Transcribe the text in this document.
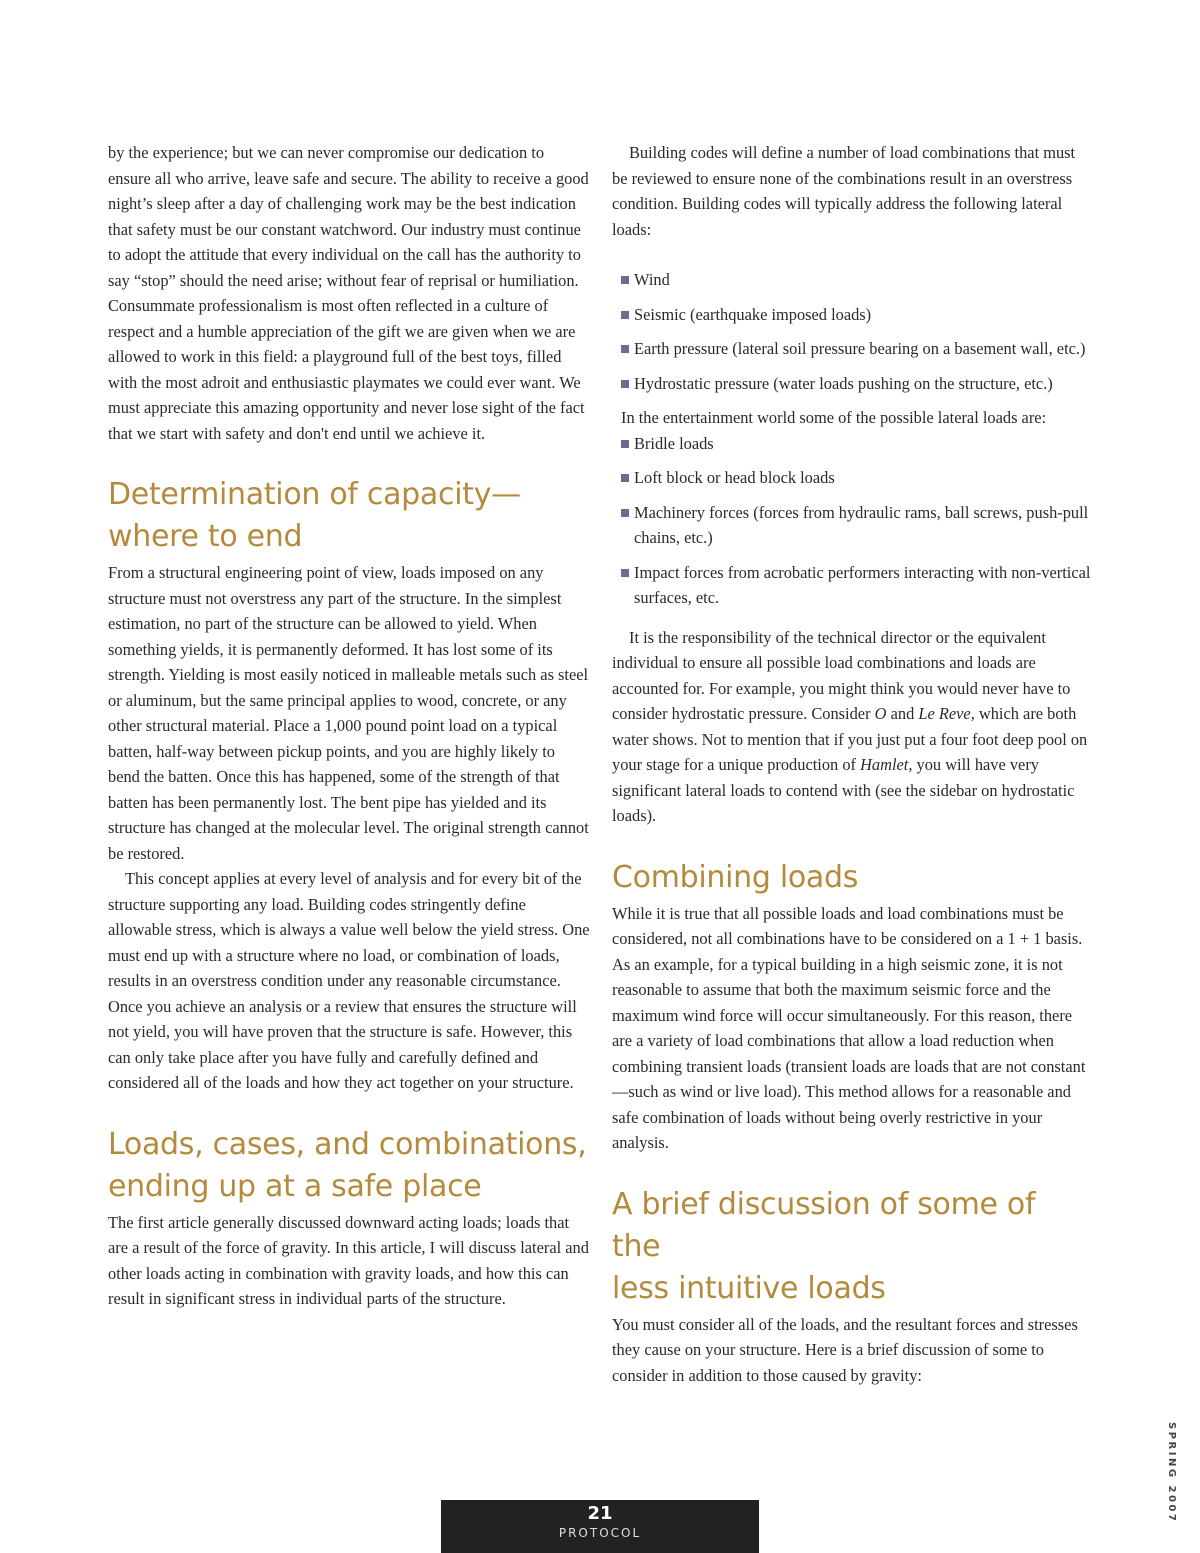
by the experience; but we can never compromise our dedication to ensure all who arrive, leave safe and secure. The ability to receive a good night’s sleep after a day of challenging work may be the best indication that safety must be our constant watchword. Our industry must continue to adopt the attitude that every individual on the call has the authority to say “stop” should the need arise; without fear of reprisal or humiliation. Consummate professionalism is most often reflected in a culture of respect and a humble appreciation of the gift we are given when we are allowed to work in this field: a playground full of the best toys, filled with the most adroit and enthusiastic playmates we could ever want. We must appreciate this amazing opportunity and never lose sight of the fact that we start with safety and don't end until we achieve it.

Determination of capacity—
where to end

From a structural engineering point of view, loads imposed on any structure must not overstress any part of the structure. In the simplest estimation, no part of the structure can be allowed to yield. When something yields, it is permanently deformed. It has lost some of its strength. Yielding is most easily noticed in malleable metals such as steel or aluminum, but the same principal applies to wood, concrete, or any other structural material. Place a 1,000 pound point load on a typical batten, half-way between pickup points, and you are highly likely to bend the batten. Once this has happened, some of the strength of that batten has been permanently lost. The bent pipe has yielded and its structure has changed at the molecular level. The original strength cannot be restored.

This concept applies at every level of analysis and for every bit of the structure supporting any load. Building codes stringently define allowable stress, which is always a value well below the yield stress. One must end up with a structure where no load, or combination of loads, results in an overstress condition under any reasonable circumstance. Once you achieve an analysis or a review that ensures the structure will not yield, you will have proven that the structure is safe. However, this can only take place after you have fully and carefully defined and considered all of the loads and how they act together on your structure.

Loads, cases, and combinations,
ending up at a safe place

The first article generally discussed downward acting loads; loads that are a result of the force of gravity. In this article, I will discuss lateral and other loads acting in combination with gravity loads, and how this can result in significant stress in individual parts of the structure.

Building codes will define a number of load combinations that must be reviewed to ensure none of the combinations result in an overstress condition. Building codes will typically address the following lateral loads:

Wind
Seismic (earthquake imposed loads)
Earth pressure (lateral soil pressure bearing on a basement wall, etc.)
Hydrostatic pressure (water loads pushing on the structure, etc.)

In the entertainment world some of the possible lateral loads are:

Bridle loads
Loft block or head block loads
Machinery forces (forces from hydraulic rams, ball screws, push-pull chains, etc.)
Impact forces from acrobatic performers interacting with non-vertical surfaces, etc.

It is the responsibility of the technical director or the equivalent individual to ensure all possible load combinations and loads are accounted for. For example, you might think you would never have to consider hydrostatic pressure. Consider O and Le Reve, which are both water shows. Not to mention that if you just put a four foot deep pool on your stage for a unique production of Hamlet, you will have very significant lateral loads to contend with (see the sidebar on hydrostatic loads).

Combining loads

While it is true that all possible loads and load combinations must be considered, not all combinations have to be considered on a 1 + 1 basis. As an example, for a typical building in a high seismic zone, it is not reasonable to assume that both the maximum seismic force and the maximum wind force will occur simultaneously. For this reason, there are a variety of load combinations that allow a load reduction when combining transient loads (transient loads are loads that are not constant—such as wind or live load). This method allows for a reasonable and safe combination of loads without being overly restrictive in your analysis.

A brief discussion of some of the
less intuitive loads

You must consider all of the loads, and the resultant forces and stresses they cause on your structure. Here is a brief discussion of some to consider in addition to those caused by gravity:

SPRING 2007
21
PROTOCOL
